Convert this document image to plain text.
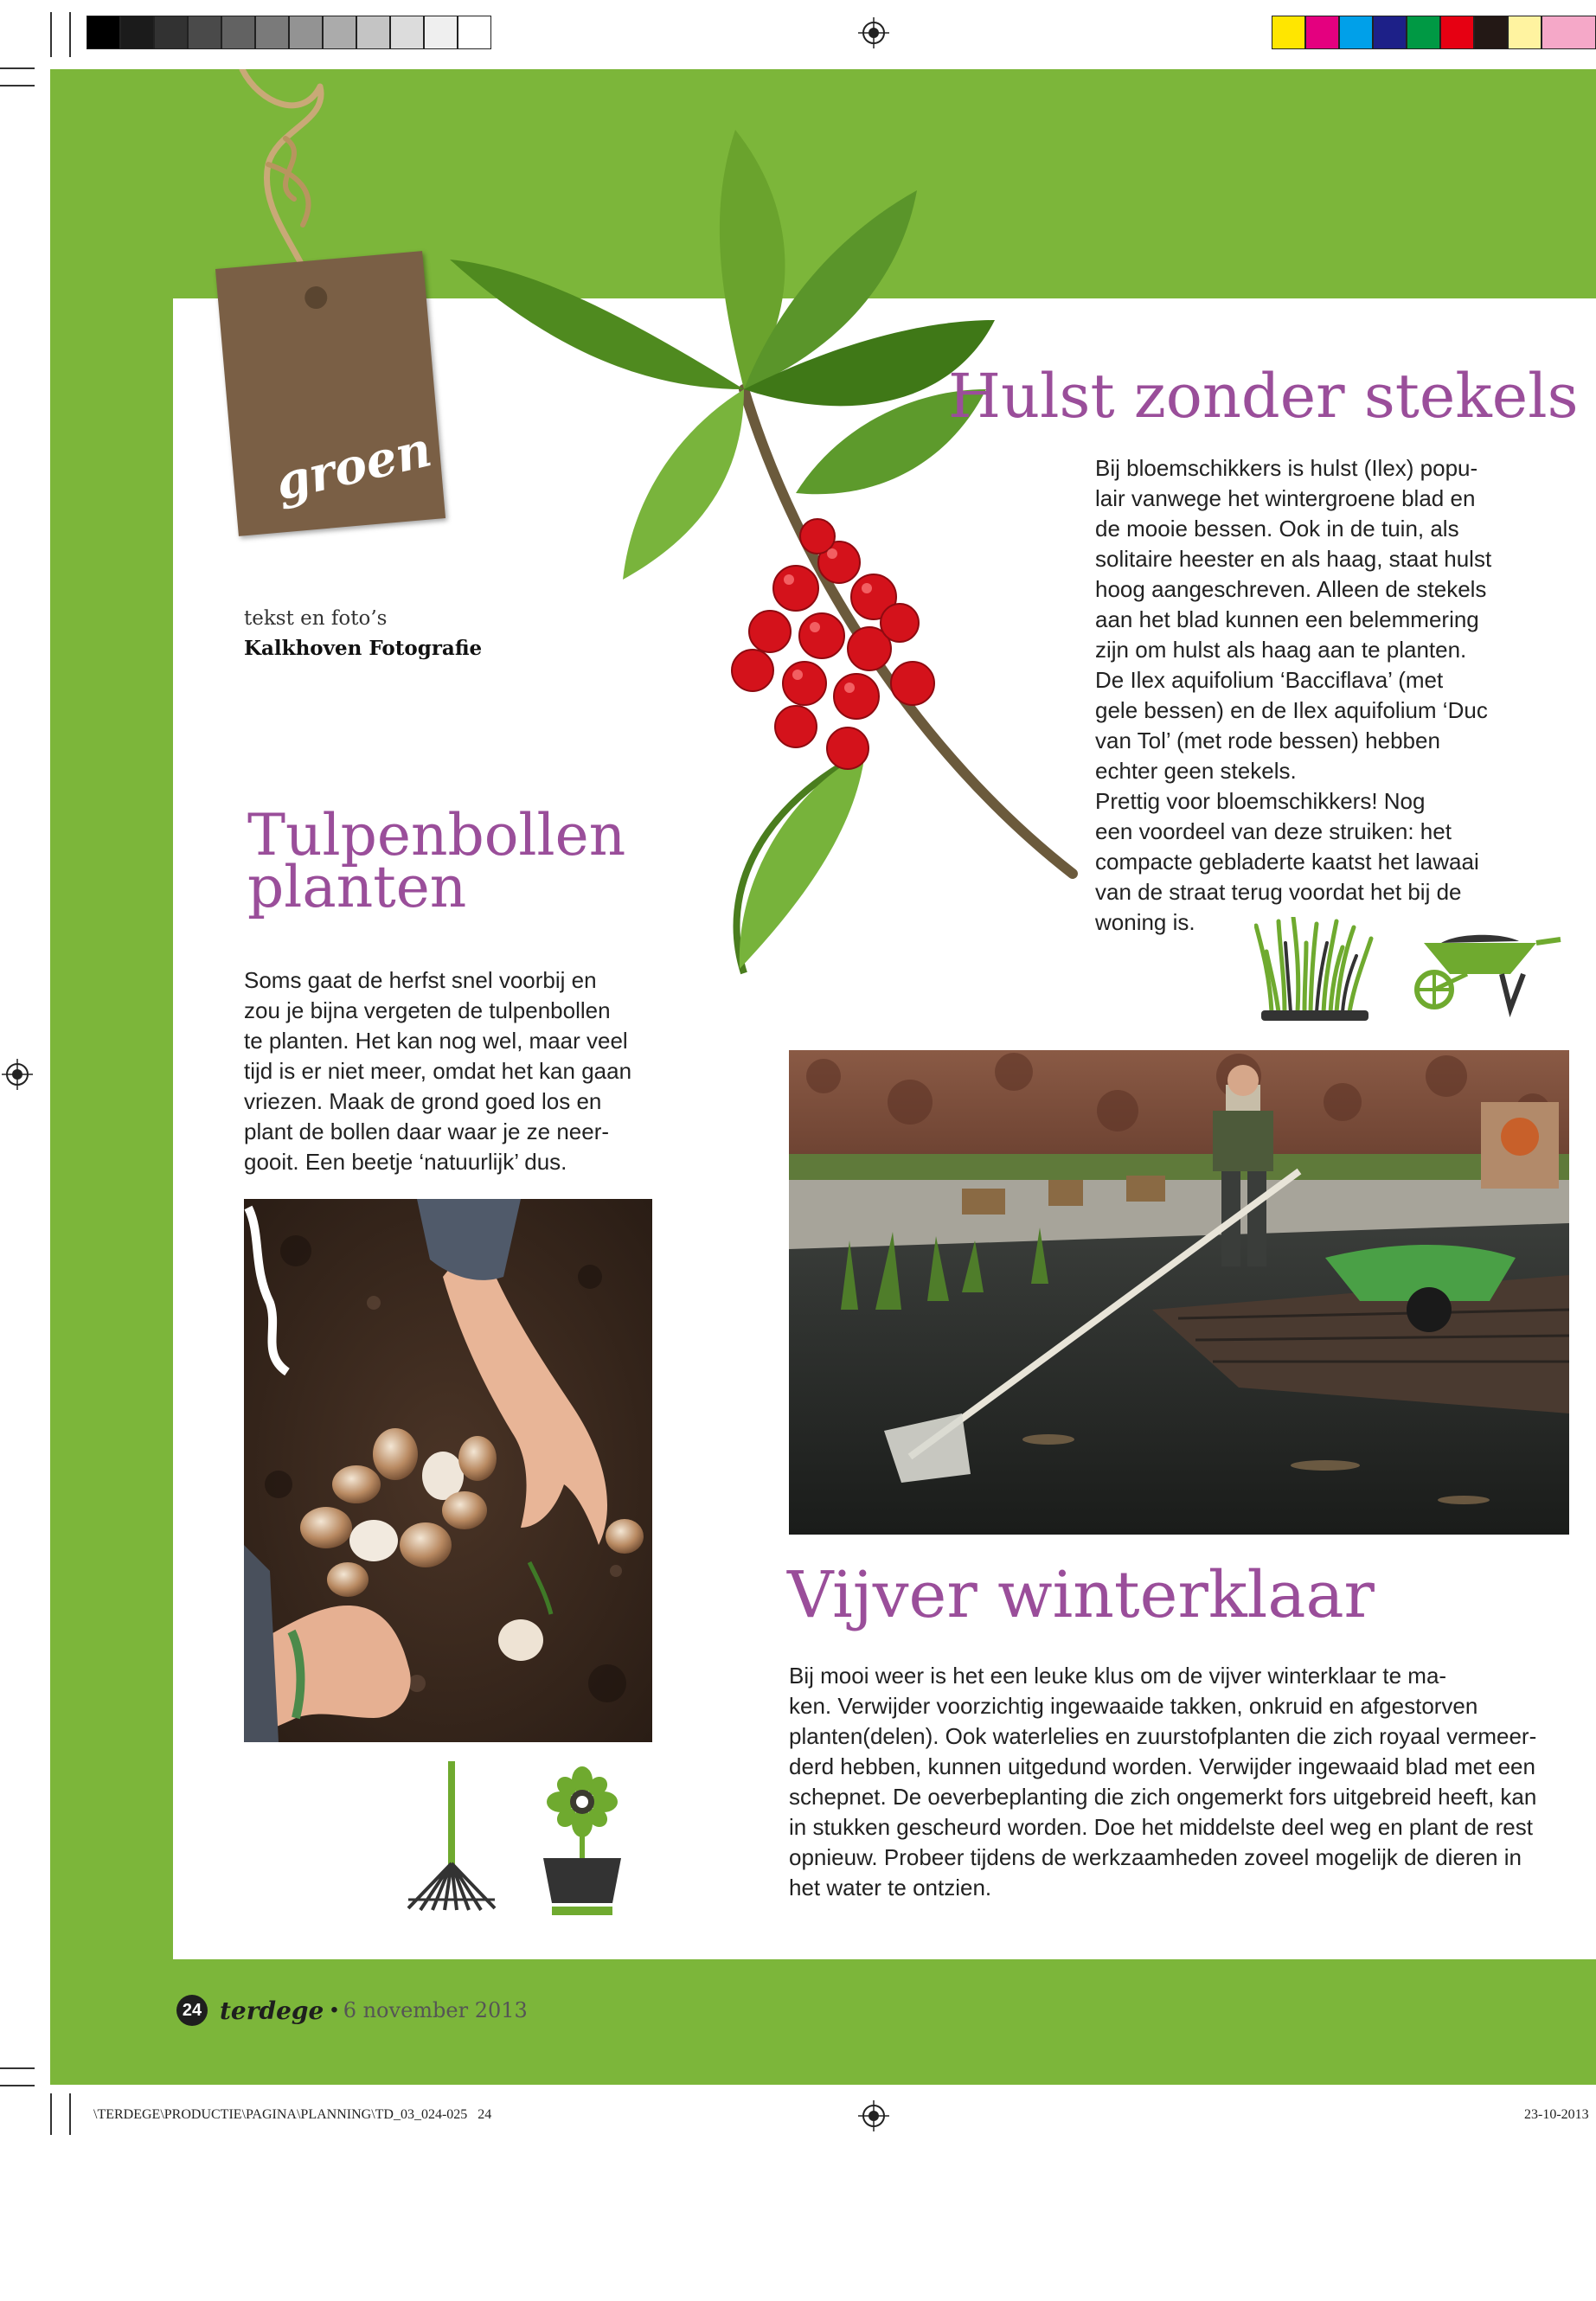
groen
tekst en foto’s
Kalkhoven Fotografie
Tulpenbollen
planten

Soms gaat de herfst snel voorbij en

zou je bijna vergeten de tulpenbollen

te planten. Het kan nog wel, maar veel

tijd is er niet meer, omdat het kan gaan

vriezen. Maak de grond goed los en

plant de bollen daar waar je ze neer-

gooit. Een beetje ‘natuurlijk’ dus.

Hulst zonder stekels

Bij bloemschikkers is hulst (Ilex) popu-

lair vanwege het wintergroene blad en

de mooie bessen. Ook in de tuin, als

solitaire heester en als haag, staat hulst

hoog aangeschreven. Alleen de stekels

aan het blad kunnen een belemmering

zijn om hulst als haag aan te planten.

De Ilex aquifolium ‘Bacciflava’ (met

gele bessen) en de Ilex aquifolium ‘Duc

van Tol’ (met rode bessen) hebben

echter geen stekels.

Prettig voor bloemschikkers! Nog

een voordeel van deze struiken: het

compacte gebladerte kaatst het lawaai

van de straat terug voordat het bij de

woning is.

Vijver winterklaar

Bij mooi weer is het een leuke klus om de vijver winterklaar te ma-

ken. Verwijder voorzichtig ingewaaide takken, onkruid en afgestorven

planten(delen). Ook waterlelies en zuurstofplanten die zich royaal vermeer-

derd hebben, kunnen uitgedund worden. Verwijder ingewaaid blad met een

schepnet. De oeverbeplanting die zich ongemerkt fors uitgebreid heeft, kan

in stukken gescheurd worden. Doe het middelste deel weg en plant de rest

opnieuw. Probeer tijdens de werkzaamheden zoveel mogelijk de dieren in

het water te ontzien.

24 terdege • 6 november 2013
\TERDEGE\PRODUCTIE\PAGINA\PLANNING\TD_03_024-025   24	23-10-2013
